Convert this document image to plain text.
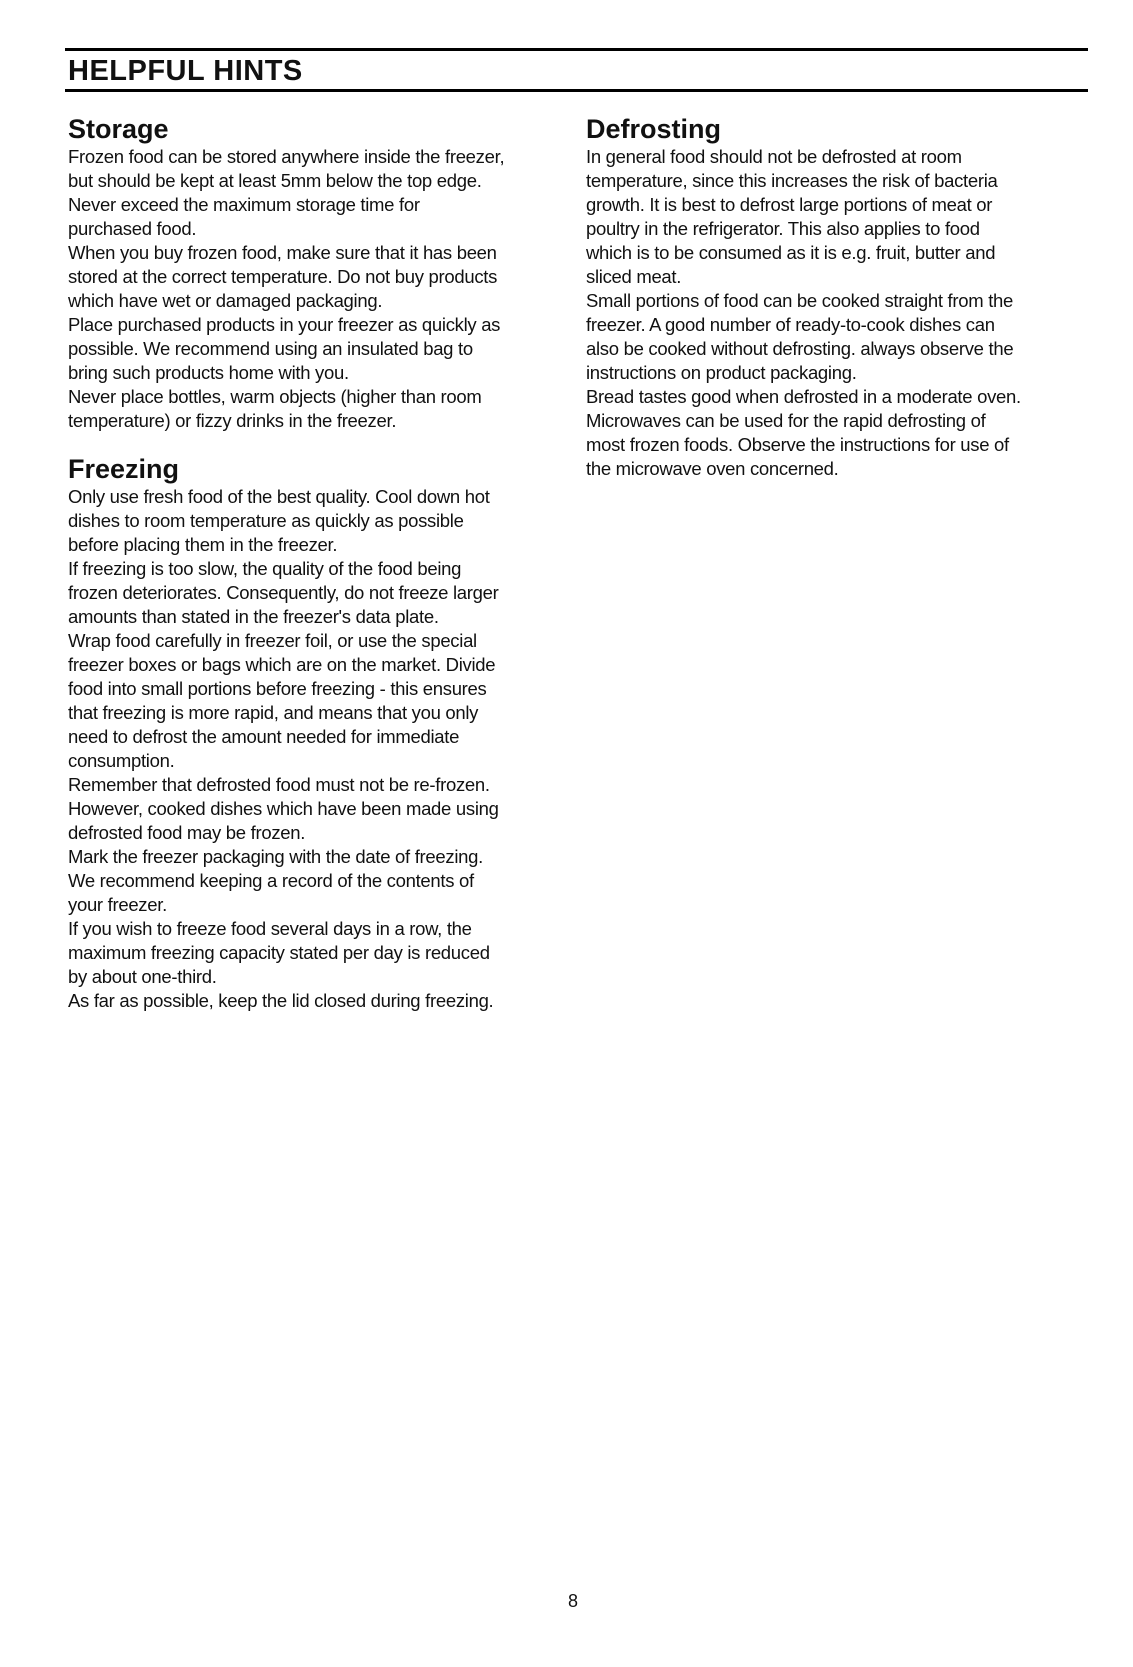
HELPFUL HINTS
Storage

Frozen food can be stored anywhere inside the freezer,

but should be kept at least 5mm below the top edge.

Never exceed the maximum storage time for

purchased food.

When you buy frozen food, make sure that it has been

stored at the correct temperature. Do not buy products

which have wet or damaged packaging.

Place purchased products in your freezer as quickly as

possible. We recommend using an insulated bag to

bring such products home with you.

Never place bottles, warm objects (higher than room

temperature) or fizzy drinks in the freezer.

Freezing

Only use fresh food of the best quality. Cool down hot

dishes to room temperature as quickly as possible

before placing them in the freezer.

If freezing is too slow, the quality of the food being

frozen deteriorates. Consequently, do not freeze larger

amounts than stated in the freezer's data plate.

Wrap food carefully in freezer foil, or use the special

freezer boxes or bags which are on the market. Divide

food into small portions before freezing - this ensures

that freezing is more rapid, and means that you only

need to defrost the amount needed for immediate

consumption.

Remember that defrosted food must not be re-frozen.

However, cooked dishes which have been made using

defrosted food may be frozen.

Mark the freezer packaging with the date of freezing.

We recommend keeping a record of the contents of

your freezer.

If you wish to freeze food several days in a row, the

maximum freezing capacity stated per day is reduced

by about one-third.

As far as possible, keep the lid closed during freezing.

Defrosting

In general food should not be defrosted at room

temperature, since this increases the risk of bacteria

growth. It is best to defrost large portions of meat or

poultry in the refrigerator. This also applies to food

which is to be consumed as it is e.g. fruit, butter and

sliced meat.

Small portions of food can be cooked straight from the

freezer. A good number of ready-to-cook dishes can

also be cooked without defrosting. always observe the

instructions on product packaging.

Bread tastes good when defrosted in a moderate oven.

Microwaves can be used for the rapid defrosting of

most frozen foods. Observe the instructions for use of

the microwave oven concerned.

8
